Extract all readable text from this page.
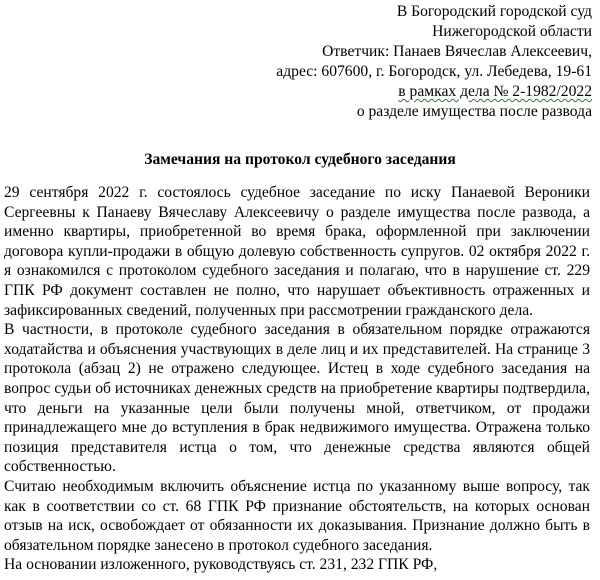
В Богородский городской суд
Нижегородской области
Ответчик: Панаев Вячеслав Алексеевич,
адрес: 607600, г. Богородск, ул. Лебедева, 19-61
в рамках дела № 2-1982/2022
о разделе имущества после развода
Замечания на протокол судебного заседания

29 сентября 2022 г. состоялось судебное заседание по иску Панаевой Вероники Сергеевны к Панаеву Вячеславу Алексеевичу о разделе имущества после развода, а именно квартиры, приобретенной во время брака, оформленной при заключении договора купли-продажи в общую долевую собственность супругов. 02 октября 2022 г. я ознакомился с протоколом судебного заседания и полагаю, что в нарушение ст. 229 ГПК РФ документ составлен не полно, что нарушает объективность отраженных и зафиксированных сведений, полученных при рассмотрении гражданского дела.

В частности, в протоколе судебного заседания в обязательном порядке отражаются ходатайства и объяснения участвующих в деле лиц и их представителей. На странице 3 протокола (абзац 2) не отражено следующее. Истец в ходе судебного заседания на вопрос судьи об источниках денежных средств на приобретение квартиры подтвердила, что деньги на указанные цели были получены мной, ответчиком, от продажи принадлежащего мне до вступления в брак недвижимого имущества. Отражена только позиция представителя истца о том, что денежные средства являются общей собственностью.

Считаю необходимым включить объяснение истца по указанному выше вопросу, так как в соответствии со ст. 68 ГПК РФ признание обстоятельств, на которых основан отзыв на иск, освобождает от обязанности их доказывания. Признание должно быть в обязательном порядке занесено в протокол судебного заседания.

На основании изложенного, руководствуясь ст. 231, 232 ГПК РФ,
